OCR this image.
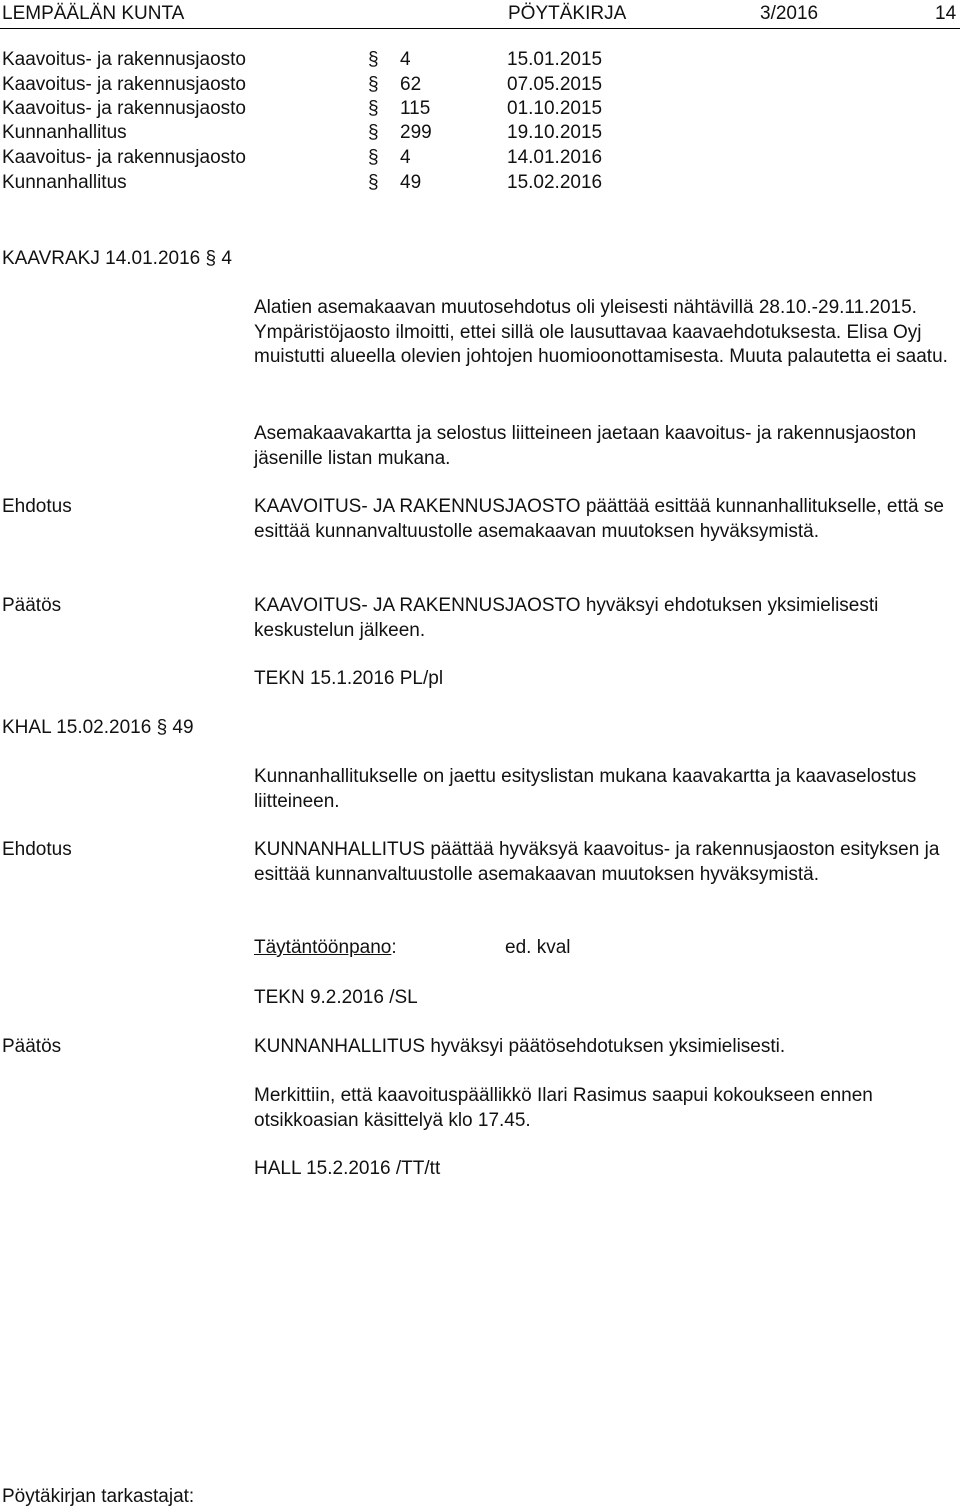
LEMPÄÄLÄN KUNTA	PÖYTÄKIRJA	3/2016	14
Kaavoitus- ja rakennusjaosto	§ 4	15.01.2015
Kaavoitus- ja rakennusjaosto	§ 62	07.05.2015
Kaavoitus- ja rakennusjaosto	§ 115	01.10.2015
Kunnanhallitus	§ 299	19.10.2015
Kaavoitus- ja rakennusjaosto	§ 4	14.01.2016
Kunnanhallitus	§ 49	15.02.2016
KAAVRAKJ 14.01.2016 § 4
Alatien asemakaavan muutosehdotus oli yleisesti nähtävillä 28.10.-29.11.2015. Ympäristöjaosto ilmoitti, ettei sillä ole lausuttavaa kaavaehdotuksesta. Elisa Oyj muistutti alueella olevien johtojen huomioonottamisesta. Muuta palautetta ei saatu.
Asemakaavakartta ja selostus liitteineen jaetaan kaavoitus- ja rakennusjaoston jäsenille listan mukana.
Ehdotus	KAAVOITUS- JA RAKENNUSJAOSTO päättää esittää kunnanhallitukselle, että se esittää kunnanvaltuustolle asemakaavan muutoksen hyväksymistä.
Päätös	KAAVOITUS- JA RAKENNUSJAOSTO hyväksyi ehdotuksen yksimielisesti keskustelun jälkeen.
TEKN 15.1.2016 PL/pl
KHAL 15.02.2016 § 49
Kunnanhallitukselle on jaettu esityslistan mukana kaavakartta ja kaavaselostus liitteineen.
Ehdotus	KUNNANHALLITUS päättää hyväksyä kaavoitus- ja rakennusjaoston esityksen ja esittää kunnanvaltuustolle asemakaavan muutoksen hyväksymistä.
Täytäntöönpano:	ed. kval
TEKN 9.2.2016 /SL
Päätös	KUNNANHALLITUS hyväksyi päätösehdotuksen yksimielisesti.
Merkittiin, että kaavoituspäällikkö Ilari Rasimus saapui kokoukseen ennen otsikkoasian käsittelyä klo 17.45.
HALL 15.2.2016 /TT/tt
Pöytäkirjan tarkastajat:
